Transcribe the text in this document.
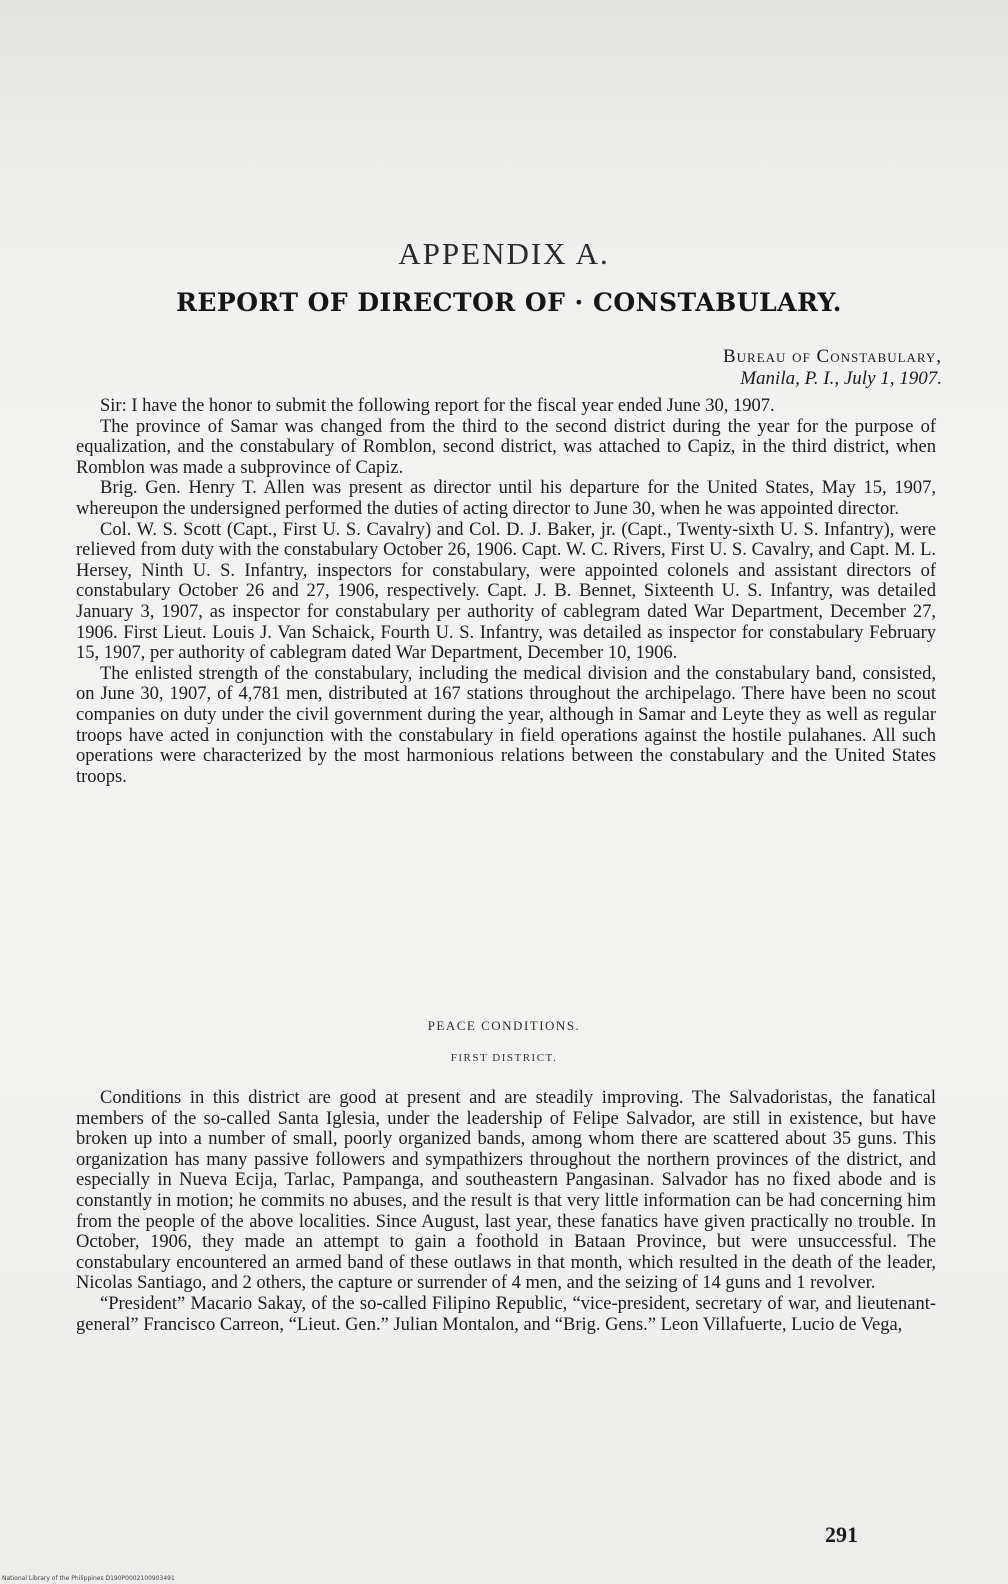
APPENDIX A.
REPORT OF DIRECTOR OF · CONSTABULARY.
Bureau of Constabulary,
Manila, P. I., July 1, 1907.

Sir: I have the honor to submit the following report for the fiscal year ended June 30, 1907.

The province of Samar was changed from the third to the second district during the year for the purpose of equalization, and the constabulary of Romblon, second district, was attached to Capiz, in the third district, when Romblon was made a subprovince of Capiz.

Brig. Gen. Henry T. Allen was present as director until his departure for the United States, May 15, 1907, whereupon the undersigned performed the duties of acting director to June 30, when he was appointed director.

Col. W. S. Scott (Capt., First U. S. Cavalry) and Col. D. J. Baker, jr. (Capt., Twenty-sixth U. S. Infantry), were relieved from duty with the constabulary October 26, 1906. Capt. W. C. Rivers, First U. S. Cavalry, and Capt. M. L. Hersey, Ninth U. S. Infantry, inspectors for constabulary, were appointed colonels and assistant directors of constabulary October 26 and 27, 1906, respectively. Capt. J. B. Bennet, Sixteenth U. S. Infantry, was detailed January 3, 1907, as inspector for constabulary per authority of cablegram dated War Department, December 27, 1906. First Lieut. Louis J. Van Schaick, Fourth U. S. Infantry, was detailed as inspector for constabulary February 15, 1907, per authority of cablegram dated War Department, December 10, 1906.

The enlisted strength of the constabulary, including the medical division and the constabulary band, consisted, on June 30, 1907, of 4,781 men, distributed at 167 stations throughout the archipelago. There have been no scout companies on duty under the civil government during the year, although in Samar and Leyte they as well as regular troops have acted in conjunction with the constabulary in field operations against the hostile pulahanes. All such operations were characterized by the most harmonious relations between the constabulary and the United States troops.

PEACE CONDITIONS.
FIRST DISTRICT.

Conditions in this district are good at present and are steadily improving. The Salvadoristas, the fanatical members of the so-called Santa Iglesia, under the leadership of Felipe Salvador, are still in existence, but have broken up into a number of small, poorly organized bands, among whom there are scattered about 35 guns. This organization has many passive followers and sympathizers throughout the northern provinces of the district, and especially in Nueva Ecija, Tarlac, Pampanga, and southeastern Pangasinan. Salvador has no fixed abode and is constantly in motion; he commits no abuses, and the result is that very little information can be had concerning him from the people of the above localities. Since August, last year, these fanatics have given practically no trouble. In October, 1906, they made an attempt to gain a foothold in Bataan Province, but were unsuccessful. The constabulary encountered an armed band of these outlaws in that month, which resulted in the death of the leader, Nicolas Santiago, and 2 others, the capture or surrender of 4 men, and the seizing of 14 guns and 1 revolver.

“President” Macario Sakay, of the so-called Filipino Republic, “vice-president, secretary of war, and lieutenant-general” Francisco Carreon, “Lieut. Gen.” Julian Montalon, and “Brig. Gens.” Leon Villafuerte, Lucio de Vega,

291
National Library of the Philippines D190P0002100903491
